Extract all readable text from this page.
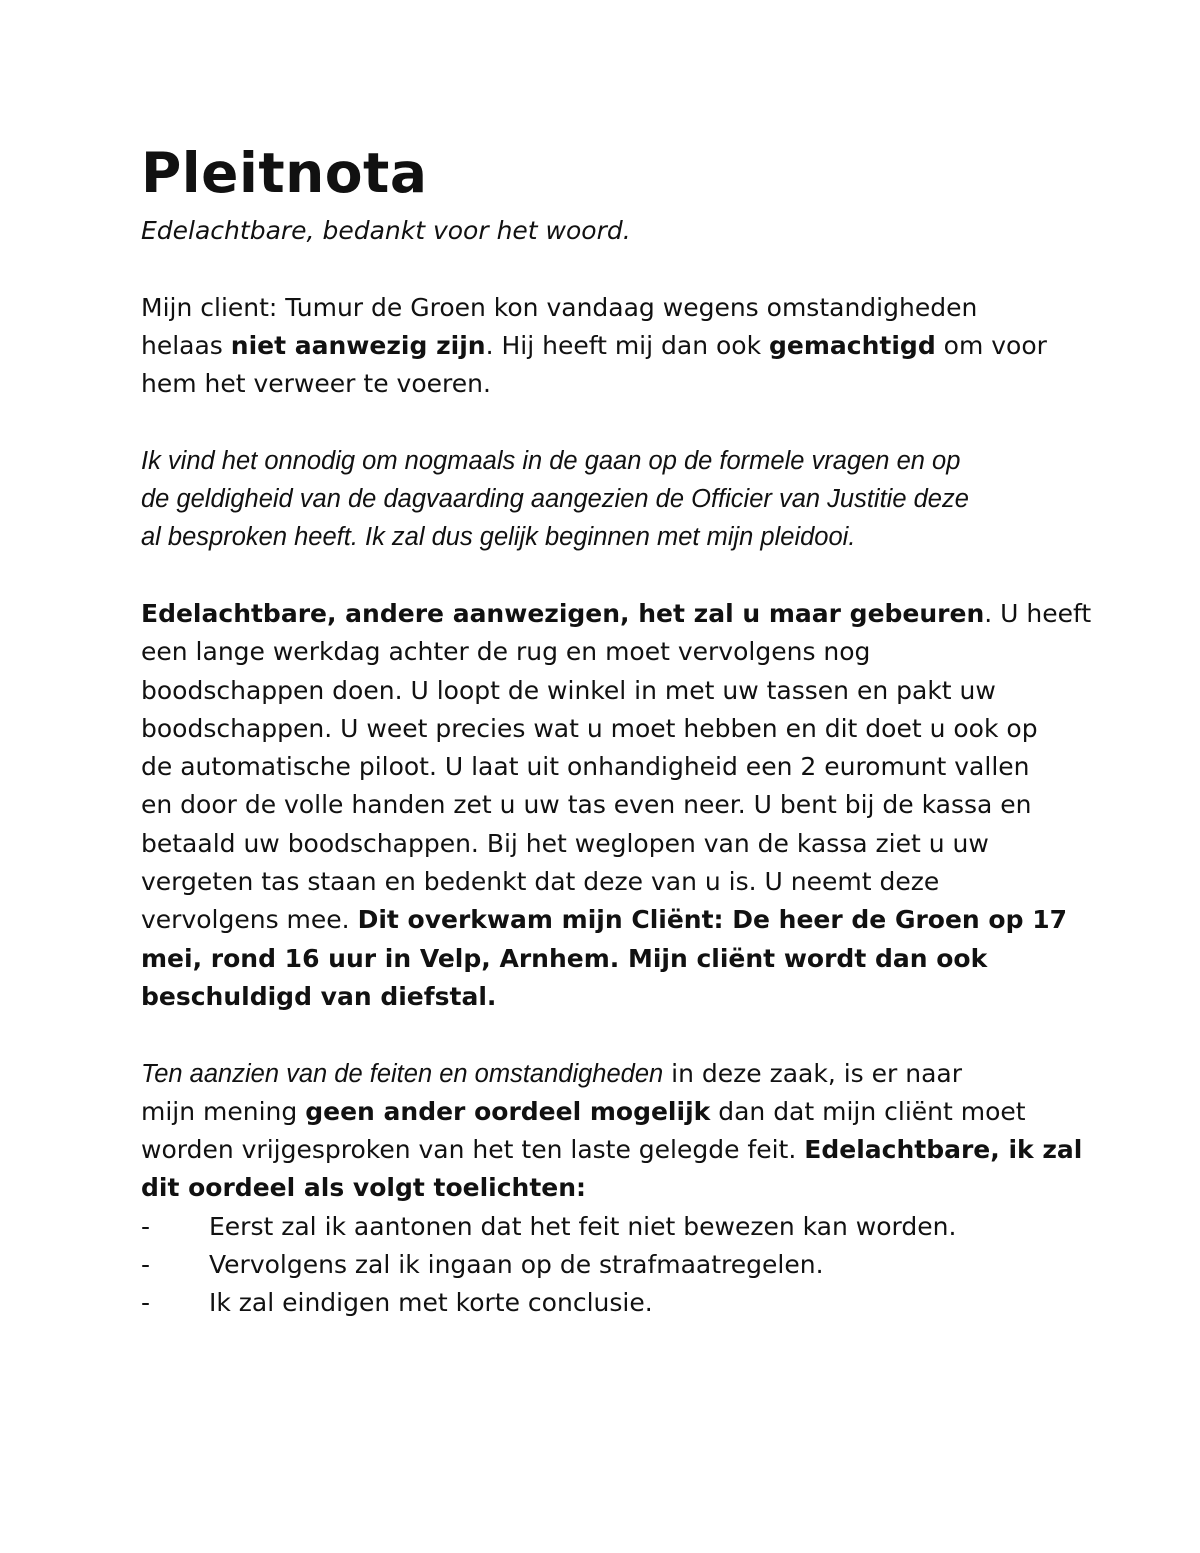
Pleitnota

Edelachtbare, bedankt voor het woord.

Mijn client: Tumur de Groen kon vandaag wegens omstandigheden
helaas niet aanwezig zijn. Hij heeft mij dan ook gemachtigd om voor
hem het verweer te voeren.

Ik vind het onnodig om nogmaals in de gaan op de formele vragen en op
de geldigheid van de dagvaarding aangezien de Officier van Justitie deze
al besproken heeft. Ik zal dus gelijk beginnen met mijn pleidooi.

Edelachtbare, andere aanwezigen, het zal u maar gebeuren. U heeft
een lange werkdag achter de rug en moet vervolgens nog
boodschappen doen. U loopt de winkel in met uw tassen en pakt uw
boodschappen. U weet precies wat u moet hebben en dit doet u ook op
de automatische piloot. U laat uit onhandigheid een 2 euromunt vallen
en door de volle handen zet u uw tas even neer. U bent bij de kassa en
betaald uw boodschappen. Bij het weglopen van de kassa ziet u uw
vergeten tas staan en bedenkt dat deze van u is. U neemt deze
vervolgens mee. Dit overkwam mijn Cliënt: De heer de Groen op 17
mei, rond 16 uur in Velp, Arnhem. Mijn cliënt wordt dan ook
beschuldigd van diefstal.

Ten aanzien van de feiten en omstandigheden in deze zaak, is er naar
mijn mening geen ander oordeel mogelijk dan dat mijn cliënt moet
worden vrijgesproken van het ten laste gelegde feit. Edelachtbare, ik zal
dit oordeel als volgt toelichten:

- Eerst zal ik aantonen dat het feit niet bewezen kan worden.
- Vervolgens zal ik ingaan op de strafmaatregelen.
- Ik zal eindigen met korte conclusie.
